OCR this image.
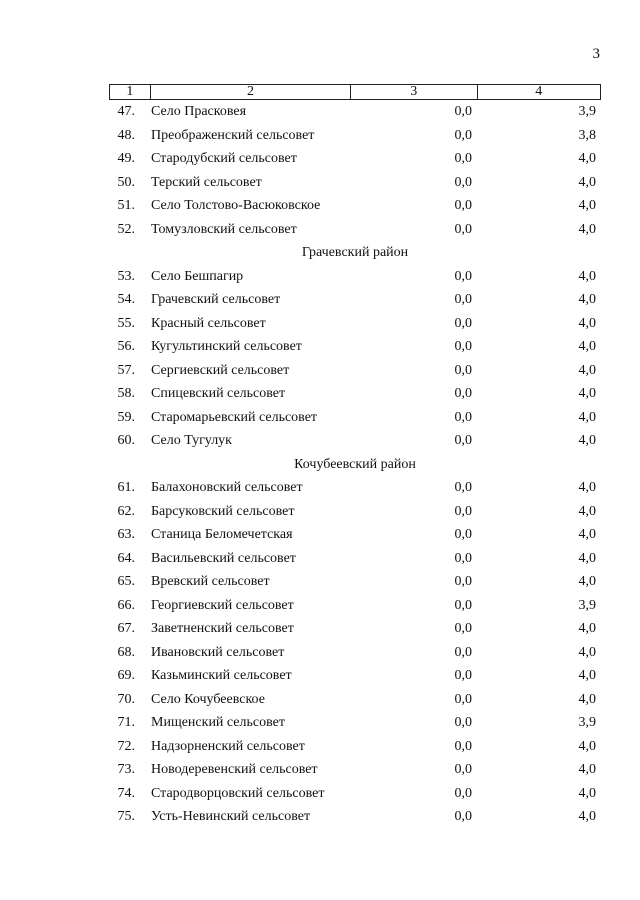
3
1	2	3	4
47. Село Прасковея	0,0	3,9
48. Преображенский сельсовет	0,0	3,8
49. Стародубский сельсовет	0,0	4,0
50. Терский сельсовет	0,0	4,0
51. Село Толстово-Васюковское	0,0	4,0
52. Томузловский сельсовет	0,0	4,0
Грачевский район
53. Село Бешпагир	0,0	4,0
54. Грачевский сельсовет	0,0	4,0
55. Красный сельсовет	0,0	4,0
56. Кугультинский сельсовет	0,0	4,0
57. Сергиевский сельсовет	0,0	4,0
58. Спицевский сельсовет	0,0	4,0
59. Старомарьевский сельсовет	0,0	4,0
60. Село Тугулук	0,0	4,0
Кочубеевский район
61. Балахоновский сельсовет	0,0	4,0
62. Барсуковский сельсовет	0,0	4,0
63. Станица Беломечетская	0,0	4,0
64. Васильевский сельсовет	0,0	4,0
65. Вревский сельсовет	0,0	4,0
66. Георгиевский сельсовет	0,0	3,9
67. Заветненский сельсовет	0,0	4,0
68. Ивановский сельсовет	0,0	4,0
69. Казьминский сельсовет	0,0	4,0
70. Село Кочубеевское	0,0	4,0
71. Мищенский сельсовет	0,0	3,9
72. Надзорненский сельсовет	0,0	4,0
73. Новодеревенский сельсовет	0,0	4,0
74. Стародворцовский сельсовет	0,0	4,0
75. Усть-Невинский сельсовет	0,0	4,0
